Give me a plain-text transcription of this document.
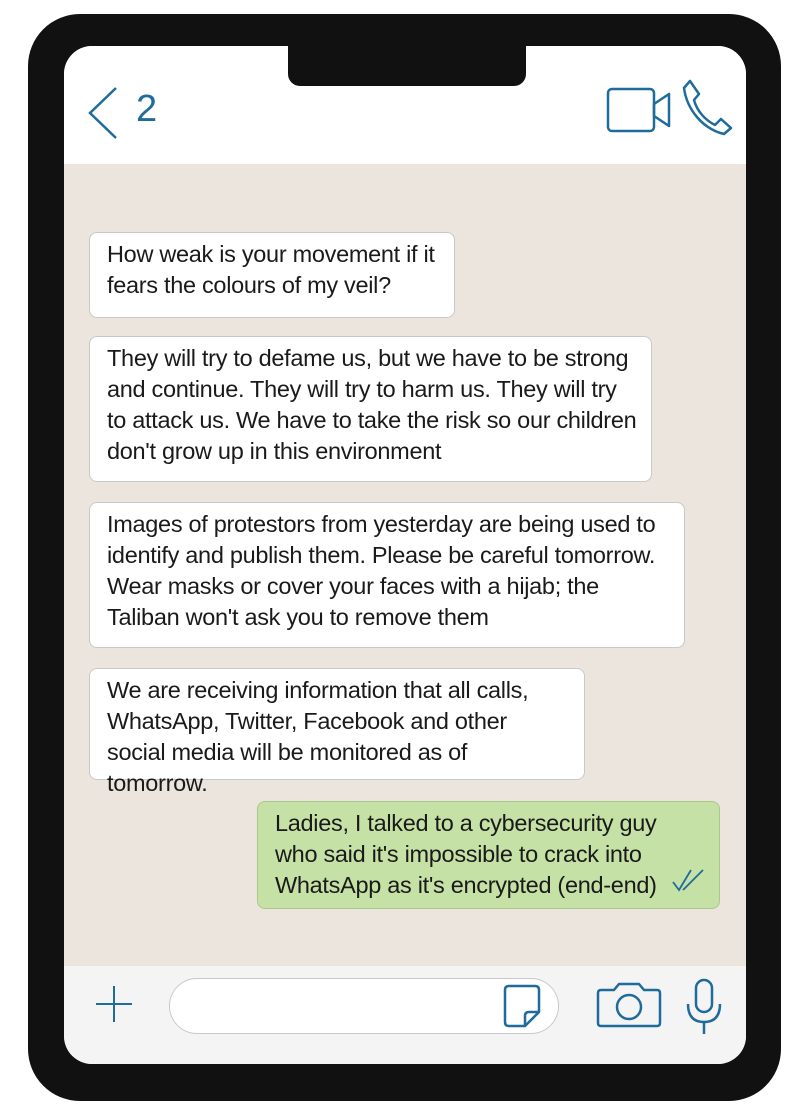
2
How weak is your movement if it fears the colours of my veil?
They will try to defame us, but we have to be strong and continue. They will try to harm us. They will try to attack us. We have to take the risk so our children don't grow up in this environment
Images of protestors from yesterday are being used to identify and publish them. Please be careful tomorrow. Wear masks or cover your faces with a hijab; the Taliban won't ask you to remove them
We are receiving information that all calls, WhatsApp, Twitter, Facebook and other social media will be monitored as of tomorrow.
Ladies, I talked to a cybersecurity guy who said it's impossible to crack into WhatsApp as it's encrypted (end-end)
